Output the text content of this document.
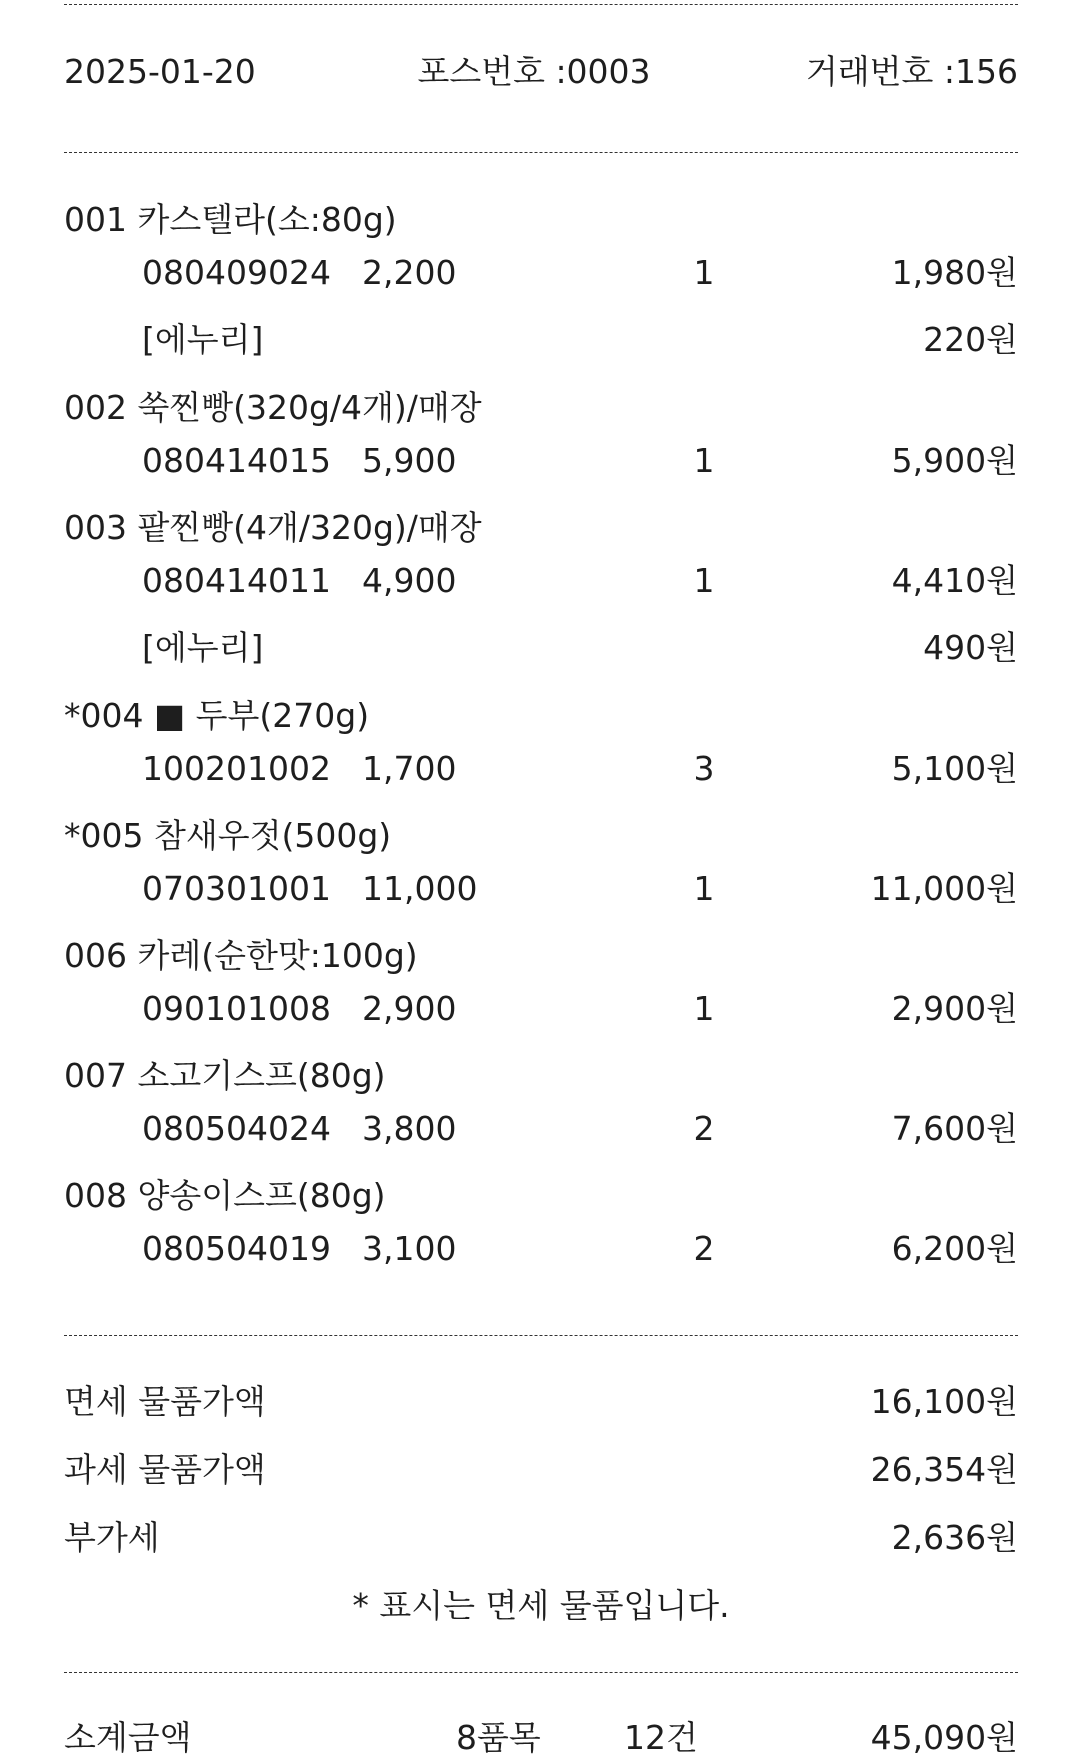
2025-01-20	포스번호 :0003	거래번호 :156
001 카스텔라(소:80g)
080409024 2,200	1	1,980원
[에누리]	220원
002 쑥찐빵(320g/4개)/매장
080414015 5,900	1	5,900원
003 팥찐빵(4개/320g)/매장
080414011 4,900	1	4,410원
[에누리]	490원
*004 ■ 두부(270g)
100201002 1,700	3	5,100원
*005 참새우젓(500g)
070301001 11,000	1	11,000원
006 카레(순한맛:100g)
090101008 2,900	1	2,900원
007 소고기스프(80g)
080504024 3,800	2	7,600원
008 양송이스프(80g)
080504019 3,100	2	6,200원
면세 물품가액	16,100원
과세 물품가액	26,354원
부가세	2,636원
* 표시는 면세 물품입니다.
소계금액	8품목	12건	45,090원
